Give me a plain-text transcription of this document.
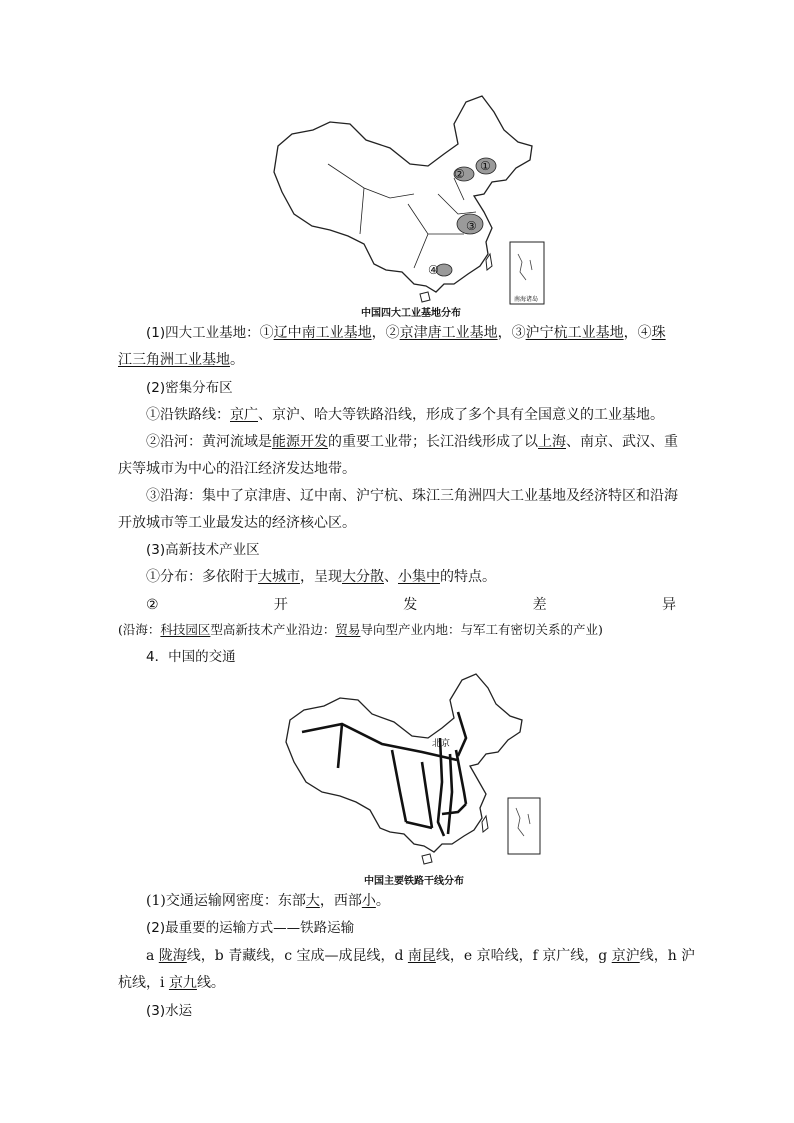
①
②
③
④
南海诸岛
中国四大工业基地分布
(1)四大工业基地：①辽中南工业基地，②京津唐工业基地，③沪宁杭工业基地，④珠
江三角洲工业基地。
(2)密集分布区
①沿铁路线：京广、京沪、哈大等铁路沿线，形成了多个具有全国意义的工业基地。
②沿河：黄河流域是能源开发的重要工业带；长江沿线形成了以上海、南京、武汉、重
庆等城市为中心的沿江经济发达地带。
③沿海：集中了京津唐、辽中南、沪宁杭、珠江三角洲四大工业基地及经济特区和沿海
开放城市等工业最发达的经济核心区。
(3)高新技术产业区
①分布：多依附于大城市，呈现大分散、小集中的特点。
②	开	发	差	异
(沿海：科技园区型高新技术产业沿边：贸易导向型产业内地：与军工有密切关系的产业)
4．中国的交通
北京
中国主要铁路干线分布
(1)交通运输网密度：东部大，西部小。
(2)最重要的运输方式——铁路运输
a 陇海线，b 青藏线，c 宝成—成昆线，d 南昆线，e 京哈线，f 京广线，g 京沪线，h 沪
杭线，i 京九线。
(3)水运
